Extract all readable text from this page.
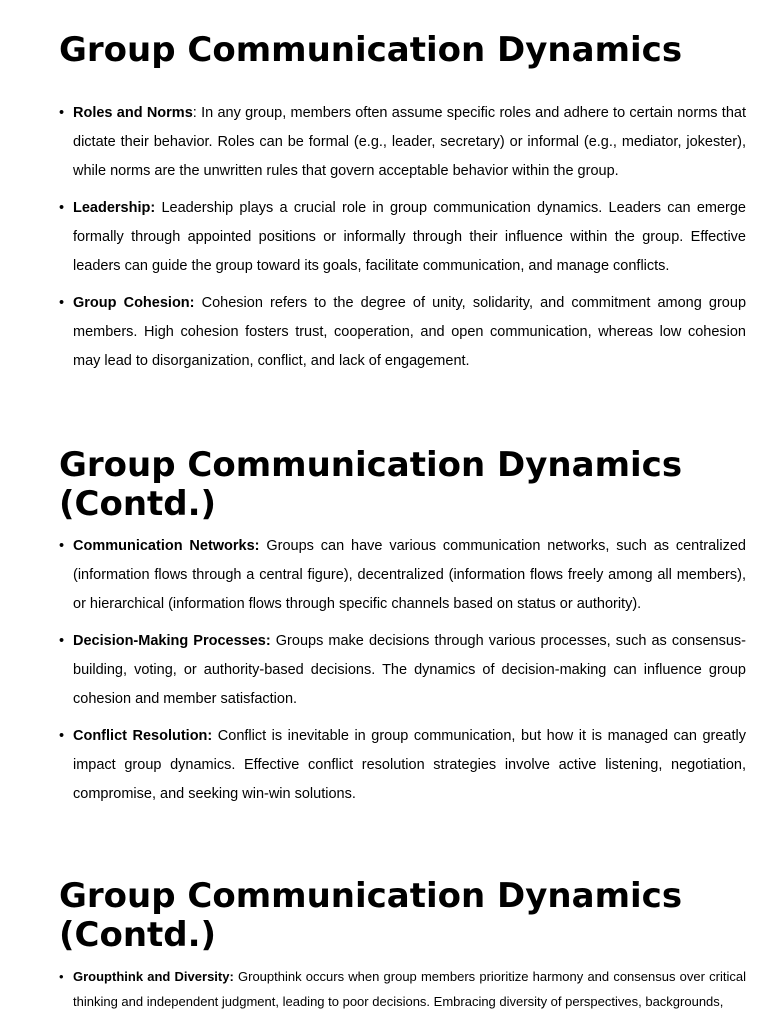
Group Communication Dynamics
• Roles and Norms: In any group, members often assume specific roles and adhere to certain norms that dictate their behavior. Roles can be formal (e.g., leader, secretary) or informal (e.g., mediator, jokester), while norms are the unwritten rules that govern acceptable behavior within the group.
• Leadership: Leadership plays a crucial role in group communication dynamics. Leaders can emerge formally through appointed positions or informally through their influence within the group. Effective leaders can guide the group toward its goals, facilitate communication, and manage conflicts.
• Group Cohesion: Cohesion refers to the degree of unity, solidarity, and commitment among group members. High cohesion fosters trust, cooperation, and open communication, whereas low cohesion may lead to disorganization, conflict, and lack of engagement.
Group Communication Dynamics (Contd.)
• Communication Networks: Groups can have various communication networks, such as centralized (information flows through a central figure), decentralized (information flows freely among all members), or hierarchical (information flows through specific channels based on status or authority).
• Decision-Making Processes: Groups make decisions through various processes, such as consensus-building, voting, or authority-based decisions. The dynamics of decision-making can influence group cohesion and member satisfaction.
• Conflict Resolution: Conflict is inevitable in group communication, but how it is managed can greatly impact group dynamics. Effective conflict resolution strategies involve active listening, negotiation, compromise, and seeking win-win solutions.
Group Communication Dynamics (Contd.)
• Groupthink and Diversity: Groupthink occurs when group members prioritize harmony and consensus over critical thinking and independent judgment, leading to poor decisions. Embracing diversity of perspectives, backgrounds,
